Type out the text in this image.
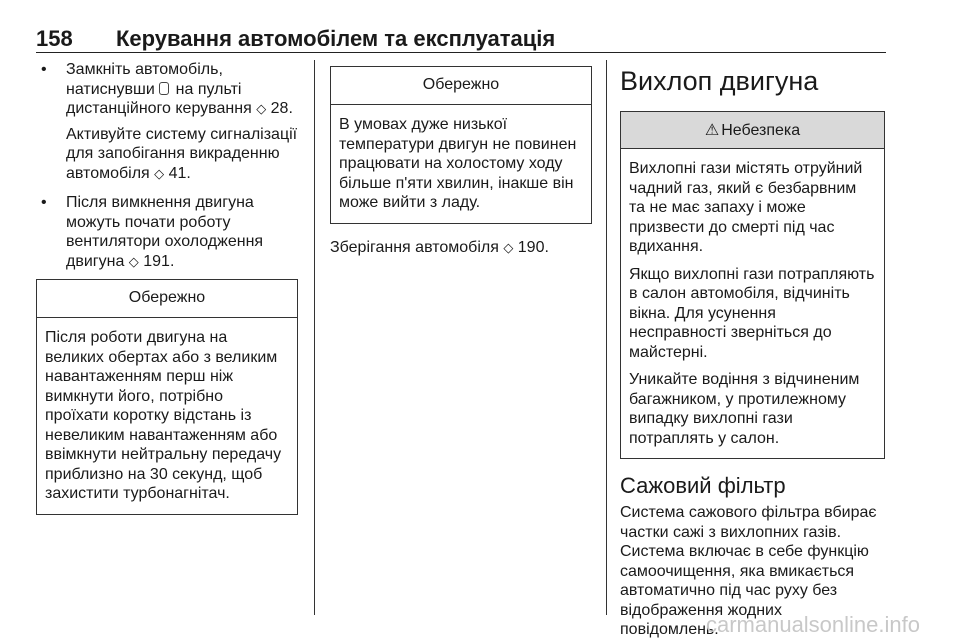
158 Керування автомобілем та експлуатація
• Замкніть автомобіль, натиснувши на пульті дистанційного керування ◇ 28.
Активуйте систему сигналізації для запобігання викраденню автомобіля ◇ 41.
• Після вимкнення двигуна можуть почати роботу вентилятори охолодження двигуна ◇ 191.
Обережно

Після роботи двигуна на великих обертах або з великим навантаженням перш ніж вимкнути його, потрібно проїхати коротку відстань із невеликим навантаженням або ввімкнути нейтральну передачу приблизно на 30 секунд, щоб захистити турбонагнітач.

Обережно

В умовах дуже низької температури двигун не повинен працювати на холостому ходу більше п'яти хвилин, інакше він може вийти з ладу.

Зберігання автомобіля ◇ 190.
Вихлоп двигуна
⚠ Небезпека

Вихлопні гази містять отруйний чадний газ, який є безбарвним та не має запаху і може призвести до смерті під час вдихання.

Якщо вихлопні гази потрапляють в салон автомобіля, відчиніть вікна. Для усунення несправності зверніться до майстерні.

Уникайте водіння з відчиненим багажником, у протилежному випадку вихлопні гази потраплять у салон.

Сажовий фільтр
Система сажового фільтра вбирає частки сажі з вихлопних газів. Система включає в себе функцію самоочищення, яка вмикається автоматично під час руху без відображення жодних повідомлень.
carmanualsonline.info
